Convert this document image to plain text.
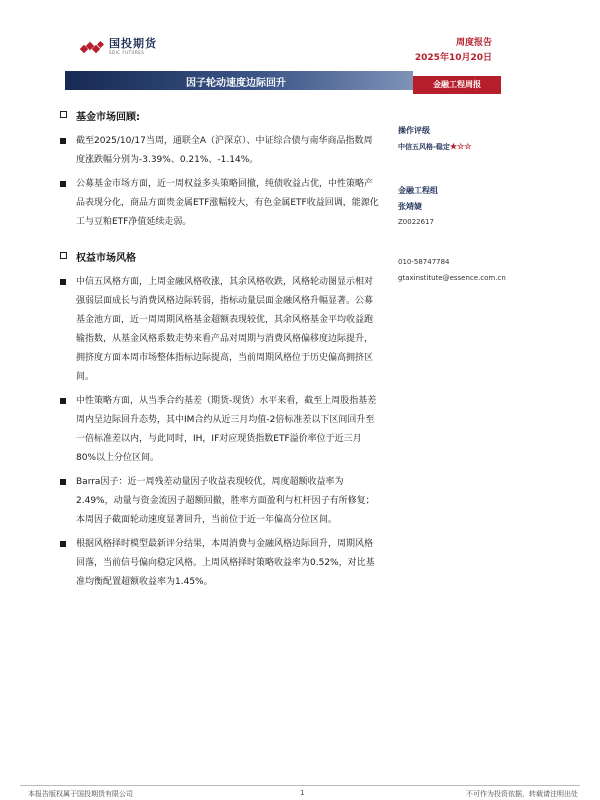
国投期货
SDIC FUTURES
周度报告
2025年10月20日
因子轮动速度边际回升	金融工程周报
基金市场回顾:
截至2025/10/17当周，通联全A（沪深京）、中证综合债与南华商品指数周度涨跌幅分别为-3.39%、0.21%、-1.14%。
公募基金市场方面，近一周权益多头策略回撤，纯债收益占优，中性策略产品表现分化，商品方面贵金属ETF涨幅较大，有色金属ETF收益回调，能源化工与豆粕ETF净值延续走弱。
权益市场风格
中信五风格方面，上周金融风格收涨，其余风格收跌，风格轮动图显示相对强弱层面成长与消费风格边际转弱，指标动量层面金融风格升幅显著。公募基金池方面，近一周周期风格基金超额表现较优，其余风格基金平均收益跑输指数，从基金风格系数走势来看产品对周期与消费风格偏移度边际提升，拥挤度方面本周市场整体指标边际提高，当前周期风格位于历史偏高拥挤区间。
中性策略方面，从当季合约基差（期货-现货）水平来看，截至上周股指基差周内呈边际回升态势，其中IM合约从近三月均值-2倍标准差以下区间回升至一倍标准差以内，与此同时，IH，IF对应现货指数ETF溢价率位于近三月80%以上分位区间。
Barra因子：近一周残差动量因子收益表现较优，周度超额收益率为2.49%，动量与资金流因子超额回撤，胜率方面盈利与杠杆因子有所修复；本周因子截面轮动速度显著回升，当前位于近一年偏高分位区间。
根据风格择时模型最新评分结果，本周消费与金融风格边际回升，周期风格回落，当前信号偏向稳定风格。上周风格择时策略收益率为0.52%，对比基准均衡配置超额收益率为1.45%。
操作评级
中信五风格-稳定★☆☆
金融工程组
张靖婕
Z0022617
010-58747784
gtaxinstitute@essence.com.cn
本报告版权属于国投期货有限公司	1	不可作为投资依据，转载请注明出处
